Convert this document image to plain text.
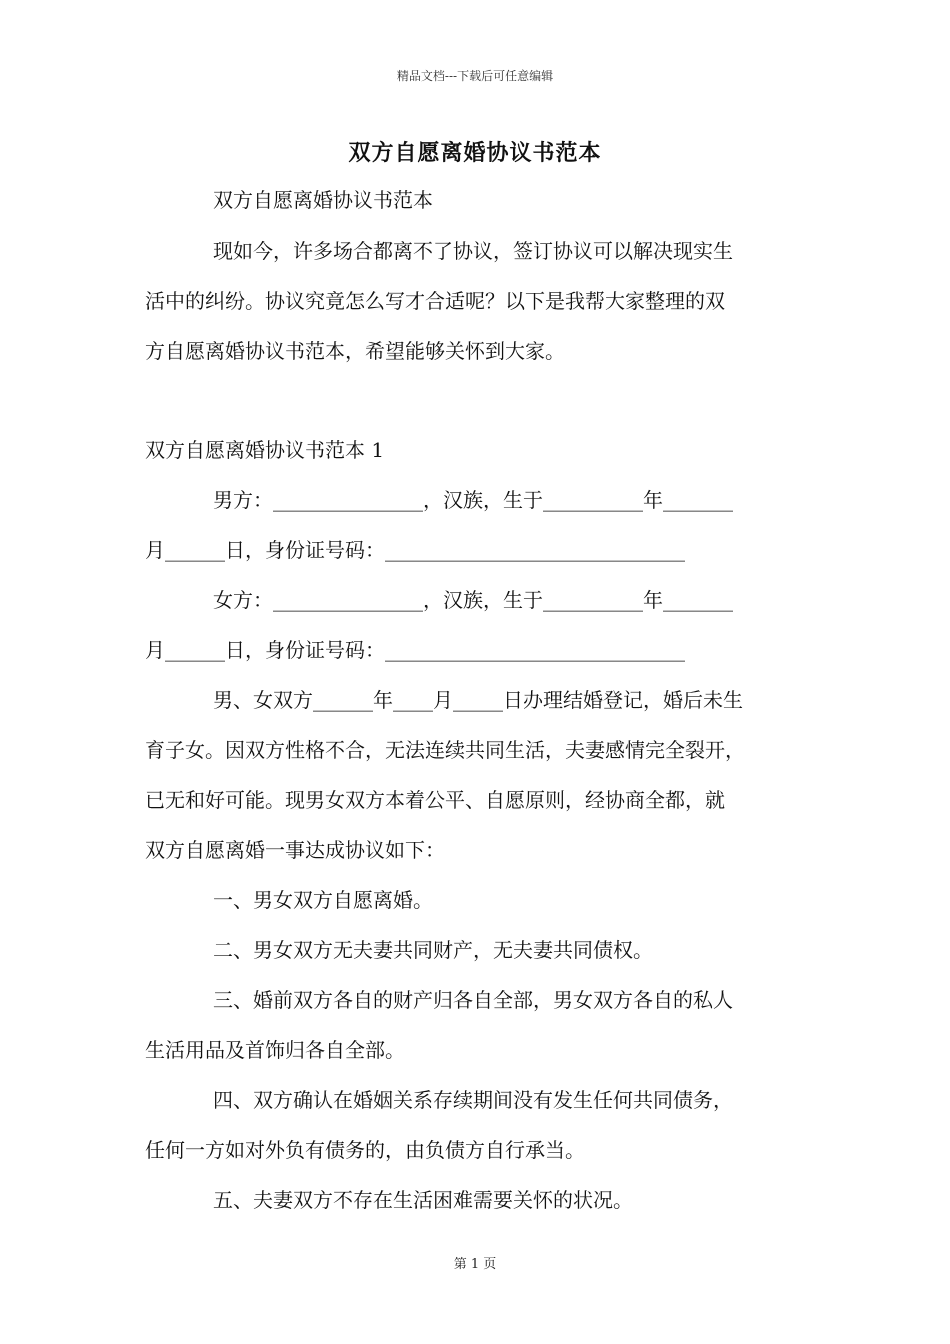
精品文档---下载后可任意编辑
双方自愿离婚协议书范本
双方自愿离婚协议书范本
现如今，许多场合都离不了协议，签订协议可以解决现实生
活中的纠纷。协议究竟怎么写才合适呢？以下是我帮大家整理的双
方自愿离婚协议书范本，希望能够关怀到大家。
双方自愿离婚协议书范本 1
男方：_______________，汉族，生于__________年_______
月______日，身份证号码：______________________________
女方：_______________，汉族，生于__________年_______
月______日，身份证号码：______________________________
男、女双方______年____月_____日办理结婚登记，婚后未生
育子女。因双方性格不合，无法连续共同生活，夫妻感情完全裂开，
已无和好可能。现男女双方本着公平、自愿原则，经协商全都，就
双方自愿离婚一事达成协议如下：
一、男女双方自愿离婚。
二、男女双方无夫妻共同财产，无夫妻共同债权。
三、婚前双方各自的财产归各自全部，男女双方各自的私人
生活用品及首饰归各自全部。
四、双方确认在婚姻关系存续期间没有发生任何共同债务，
任何一方如对外负有债务的，由负债方自行承当。
五、夫妻双方不存在生活困难需要关怀的状况。
第 1 页
